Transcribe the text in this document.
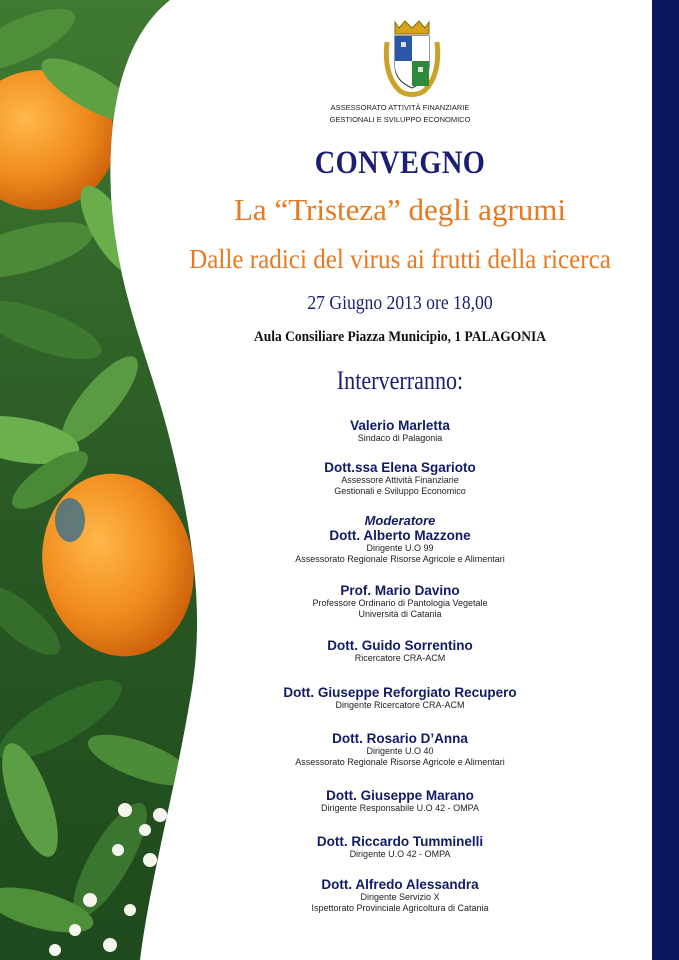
ASSESSORATO ATTIVITÀ FINANZIARIE
GESTIONALI E SVILUPPO ECONOMICO
CONVEGNO
La “Tristeza” degli agrumi
Dalle radici del virus ai frutti della ricerca
27 Giugno 2013 ore 18,00
Aula Consiliare Piazza Municipio, 1 PALAGONIA
Interverranno:
Valerio Marletta
Sindaco di Palagonia
Dott.ssa Elena Sgarioto
Assessore Attività Finanziarie
Gestionali e Sviluppo Economico
Moderatore
Dott. Alberto Mazzone
Dirigente U.O 99
Assessorato Regionale Risorse Agricole e Alimentari
Prof. Mario Davino
Professore Ordinario di Pantologia Vegetale
Università di Catania
Dott. Guido Sorrentino
Ricercatore CRA-ACM
Dott. Giuseppe Reforgiato Recupero
Dirigente Ricercatore CRA-ACM
Dott. Rosario D’Anna
Dirigente U.O 40
Assessorato Regionale Risorse Agricole e Alimentari
Dott. Giuseppe Marano
Dirigente Responsabile U.O 42 - OMPA
Dott. Riccardo Tumminelli
Dirigente U.O 42 - OMPA
Dott. Alfredo Alessandra
Dirigente Servizio X
Ispettorato Provinciale Agricoltura di Catania
